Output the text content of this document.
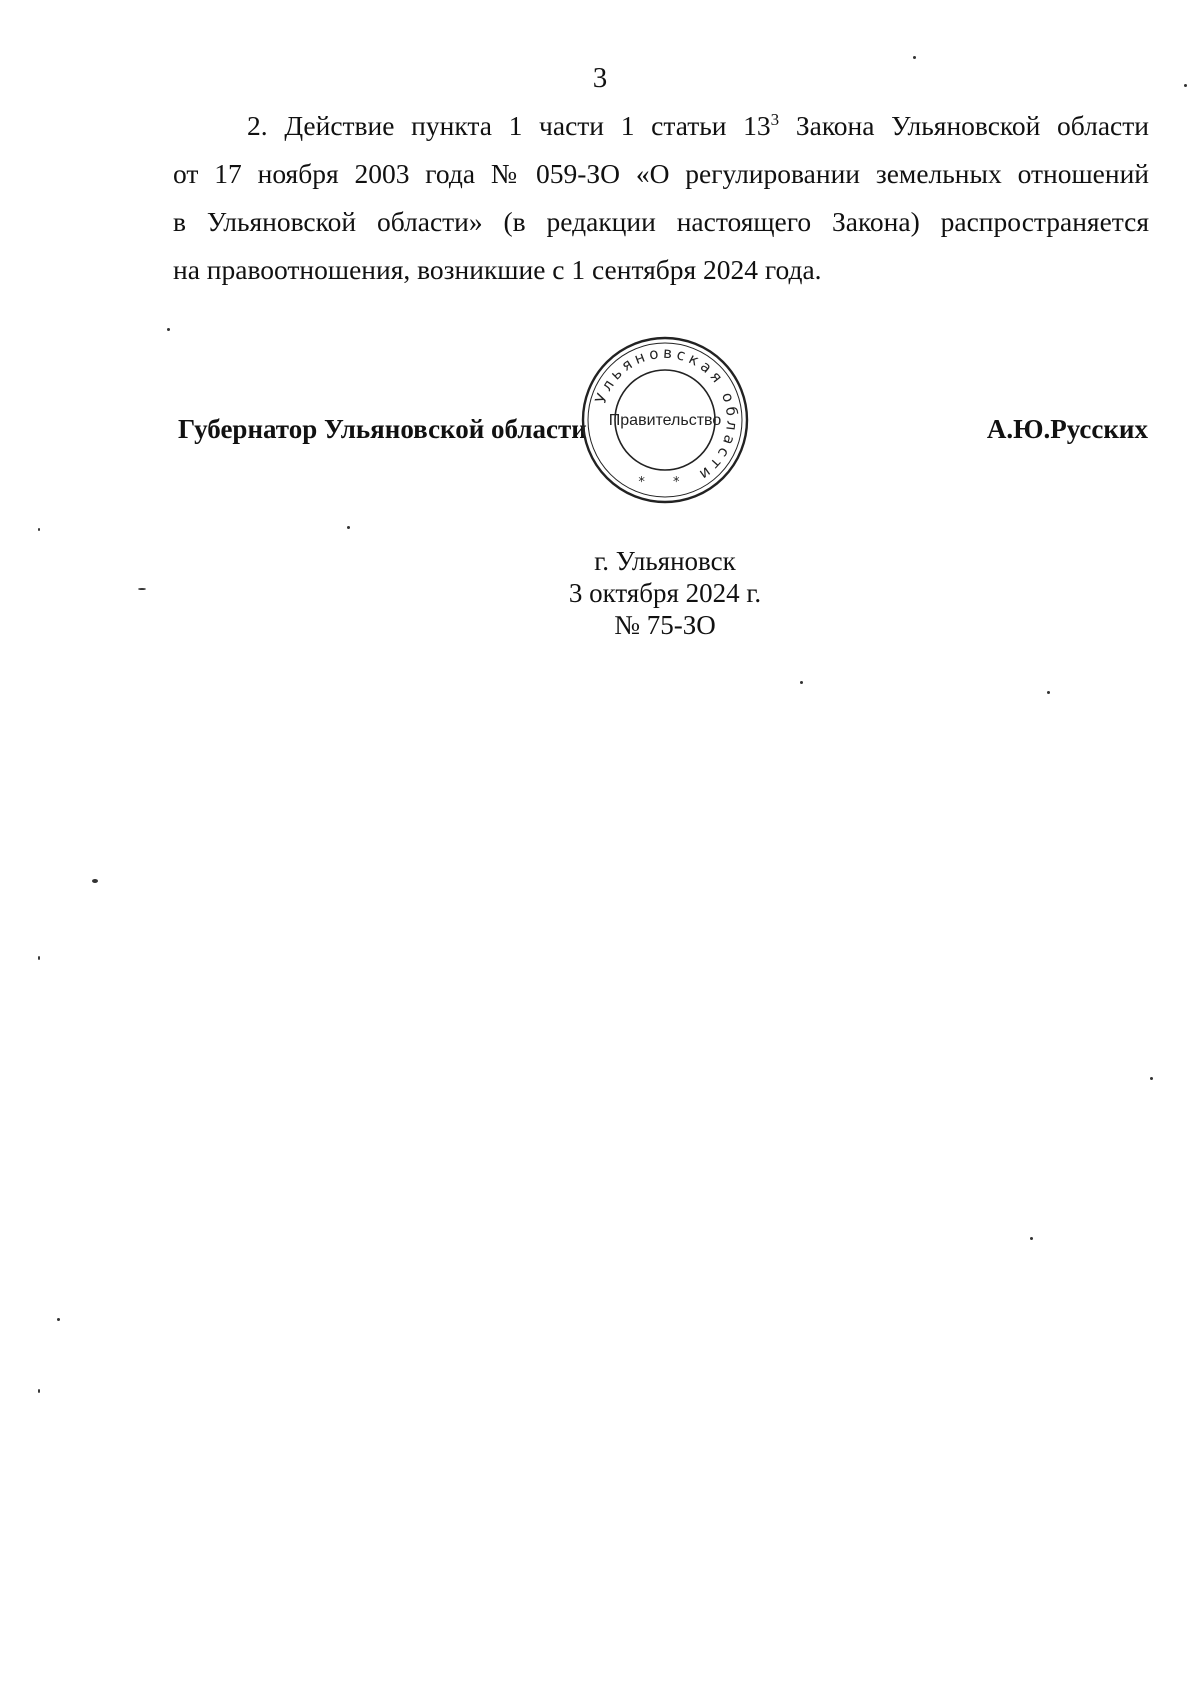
3

2. Действие пункта 1 части 1 статьи $13^3$ Закона Ульяновской области
от 17 ноября 2003 года № 059-ЗО «О регулировании земельных отношений
в Ульяновской области» (в редакции настоящего Закона) распространяется
на правоотношения, возникшие с 1 сентября 2024 года.

Губернатор Ульяновской области
Ульяновская области
Правительство
* *
А.Ю.Русских
г. Ульяновск
3 октября 2024 г.
№ 75-ЗО
